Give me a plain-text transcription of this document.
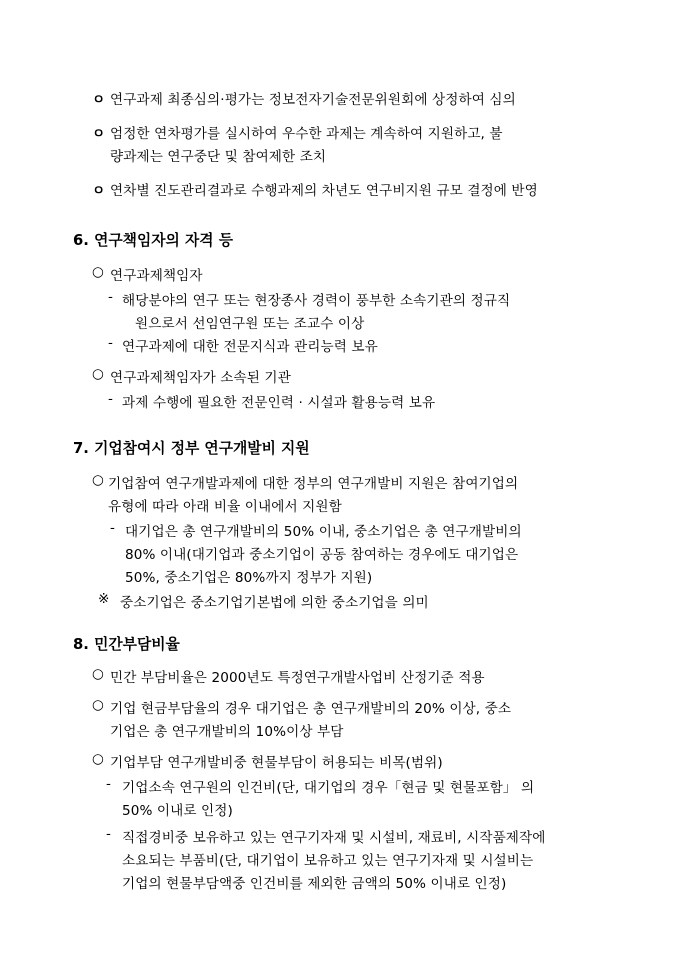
ㅇ 연구과제 최종심의·평가는 정보전자기술전문위원회에 상정하여 심의
ㅇ 엄정한 연차평가를 실시하여 우수한 과제는 계속하여 지원하고, 불
량과제는 연구중단 및 참여제한 조치
ㅇ 연차별 진도관리결과로 수행과제의 차년도 연구비지원 규모 결정에 반영
6. 연구책임자의 자격 등
○ 연구과제책임자
- 해당분야의 연구 또는 현장종사 경력이 풍부한 소속기관의 정규직
원으로서 선임연구원 또는 조교수 이상
- 연구과제에 대한 전문지식과 관리능력 보유
○ 연구과제책임자가 소속된 기관
- 과제 수행에 필요한 전문인력 · 시설과 활용능력 보유
7. 기업참여시 정부 연구개발비 지원
○ 기업참여 연구개발과제에 대한 정부의 연구개발비 지원은 참여기업의
유형에 따라 아래 비율 이내에서 지원함
- 대기업은 총 연구개발비의 50% 이내, 중소기업은 총 연구개발비의
80% 이내(대기업과 중소기업이 공동 참여하는 경우에도 대기업은
50%, 중소기업은 80%까지 정부가 지원)
※ 중소기업은 중소기업기본법에 의한 중소기업을 의미
8. 민간부담비율
○ 민간 부담비율은 2000년도 특정연구개발사업비 산정기준 적용
○ 기업 현금부담율의 경우 대기업은 총 연구개발비의 20% 이상, 중소
기업은 총 연구개발비의 10%이상 부담
○ 기업부담 연구개발비중 현물부담이 허용되는 비목(범위)
- 기업소속 연구원의 인건비(단, 대기업의 경우「현금 및 현물포함」 의
50% 이내로 인정)
- 직접경비중 보유하고 있는 연구기자재 및 시설비, 재료비, 시작품제작에
소요되는 부품비(단, 대기업이 보유하고 있는 연구기자재 및 시설비는
기업의 현물부담액중 인건비를 제외한 금액의 50% 이내로 인정)
